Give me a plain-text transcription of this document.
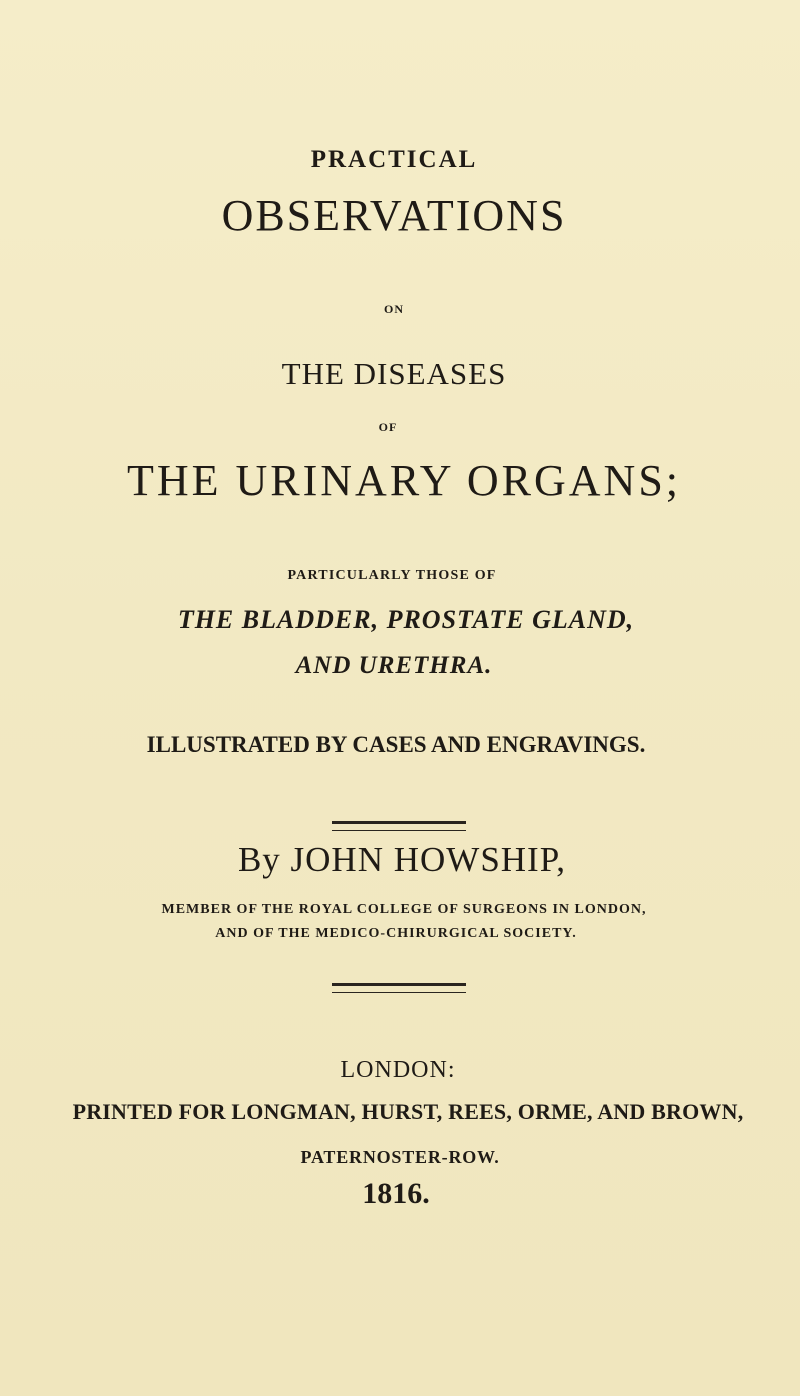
PRACTICAL
OBSERVATIONS
ON
THE DISEASES
OF
THE URINARY ORGANS;
PARTICULARLY THOSE OF
THE BLADDER, PROSTATE GLAND,
AND URETHRA.
ILLUSTRATED BY CASES AND ENGRAVINGS.
By JOHN HOWSHIP,
MEMBER OF THE ROYAL COLLEGE OF SURGEONS IN LONDON,
AND OF THE MEDICO-CHIRURGICAL SOCIETY.
LONDON:
PRINTED FOR LONGMAN, HURST, REES, ORME, AND BROWN,
PATERNOSTER-ROW.
1816.
